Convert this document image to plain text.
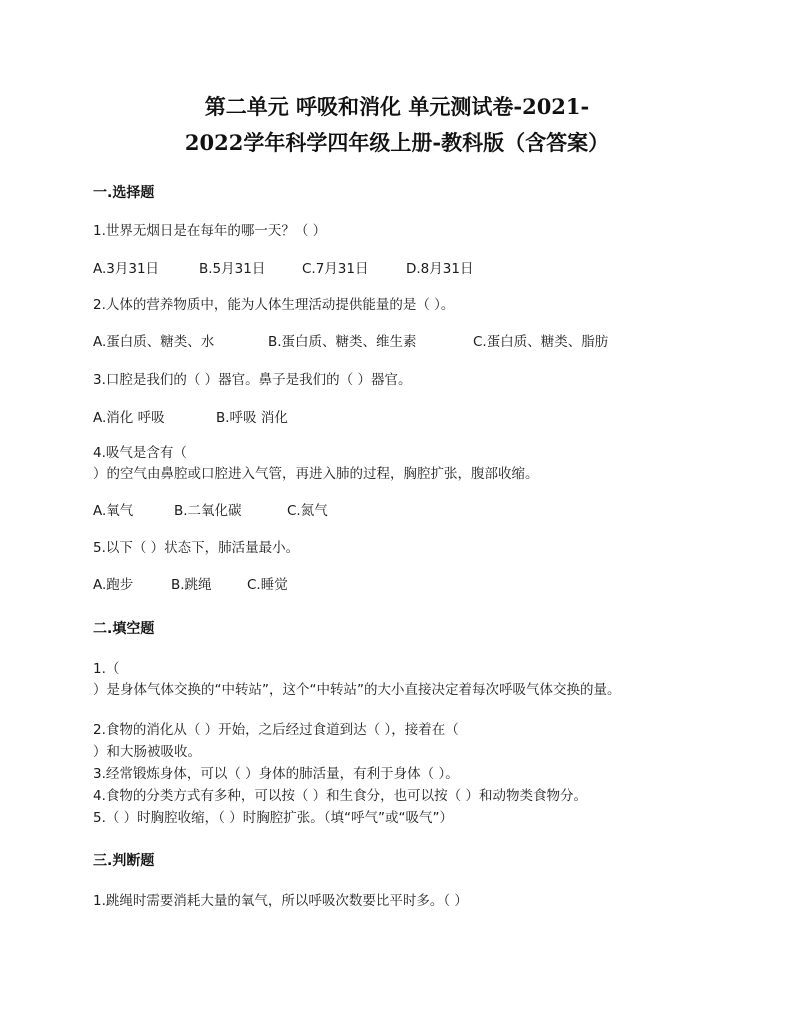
第二单元 呼吸和消化 单元测试卷-2021-
2022学年科学四年级上册-教科版（含答案）
一.选择题
1.世界无烟日是在每年的哪一天？（ ）
A.3月31日	B.5月31日	C.7月31日	D.8月31日
2.人体的营养物质中，能为人体生理活动提供能量的是（ ）。
A.蛋白质、糖类、水	B.蛋白质、糖类、维生素	C.蛋白质、糖类、脂肪
3.口腔是我们的（ ）器官。鼻子是我们的（ ）器官。
A.消化 呼吸	B.呼吸 消化
4.吸气是含有（
）的空气由鼻腔或口腔进入气管，再进入肺的过程，胸腔扩张，腹部收缩。
A.氧气	B.二氧化碳	C.氮气
5.以下（ ）状态下，肺活量最小。
A.跑步	B.跳绳	C.睡觉
二.填空题
1.（
）是身体气体交换的“中转站”，这个“中转站”的大小直接决定着每次呼吸气体交换的量。
2.食物的消化从（ ）开始，之后经过食道到达（ ），接着在（
）和大肠被吸收。
3.经常锻炼身体，可以（ ）身体的肺活量，有利于身体（ ）。
4.食物的分类方式有多种，可以按（ ）和生食分，也可以按（ ）和动物类食物分。
5.（ ）时胸腔收缩，（ ）时胸腔扩张。（填“呼气”或“吸气”）
三.判断题
1.跳绳时需要消耗大量的氧气，所以呼吸次数要比平时多。（ ）
